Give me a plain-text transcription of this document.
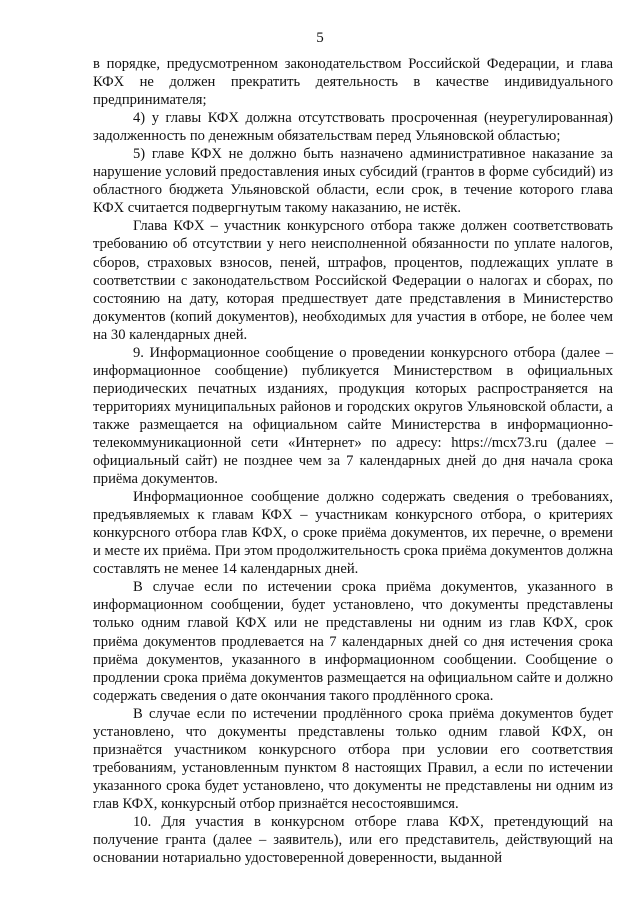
5

в порядке, предусмотренном законодательством Российской Федерации, и глава КФХ не должен прекратить деятельность в качестве индивидуального предпринимателя;

4) у главы КФХ должна отсутствовать просроченная (неурегулированная) задолженность по денежным обязательствам перед Ульяновской областью;

5) главе КФХ не должно быть назначено административное наказание за нарушение условий предоставления иных субсидий (грантов в форме субсидий) из областного бюджета Ульяновской области, если срок, в течение которого глава КФХ считается подвергнутым такому наказанию, не истёк.

Глава КФХ – участник конкурсного отбора также должен соответствовать требованию об отсутствии у него неисполненной обязанности по уплате налогов, сборов, страховых взносов, пеней, штрафов, процентов, подлежащих уплате в соответствии с законодательством Российской Федерации о налогах и сборах, по состоянию на дату, которая предшествует дате представления в Министерство документов (копий документов), необходимых для участия в отборе, не более чем на 30 календарных дней.

9. Информационное сообщение о проведении конкурсного отбора (далее – информационное сообщение) публикуется Министерством в официальных периодических печатных изданиях, продукция которых распространяется на территориях муниципальных районов и городских округов Ульяновской области, а также размещается на официальном сайте Министерства в информационно-телекоммуникационной сети «Интернет» по адресу: https://mcx73.ru (далее – официальный сайт) не позднее чем за 7 календарных дней до дня начала срока приёма документов.

Информационное сообщение должно содержать сведения о требованиях, предъявляемых к главам КФХ – участникам конкурсного отбора, о критериях конкурсного отбора глав КФХ, о сроке приёма документов, их перечне, о времени и месте их приёма. При этом продолжительность срока приёма документов должна составлять не менее 14 календарных дней.

В случае если по истечении срока приёма документов, указанного в информационном сообщении, будет установлено, что документы представлены только одним главой КФХ или не представлены ни одним из глав КФХ, срок приёма документов продлевается на 7 календарных дней со дня истечения срока приёма документов, указанного в информационном сообщении. Сообщение о продлении срока приёма документов размещается на официальном сайте и должно содержать сведения о дате окончания такого продлённого срока.

В случае если по истечении продлённого срока приёма документов будет установлено, что документы представлены только одним главой КФХ, он признаётся участником конкурсного отбора при условии его соответствия требованиям, установленным пунктом 8 настоящих Правил, а если по истечении указанного срока будет установлено, что документы не представлены ни одним из глав КФХ, конкурсный отбор признаётся несостоявшимся.

10. Для участия в конкурсном отборе глава КФХ, претендующий на получение гранта (далее – заявитель), или его представитель, действующий на основании нотариально удостоверенной доверенности, выданной
